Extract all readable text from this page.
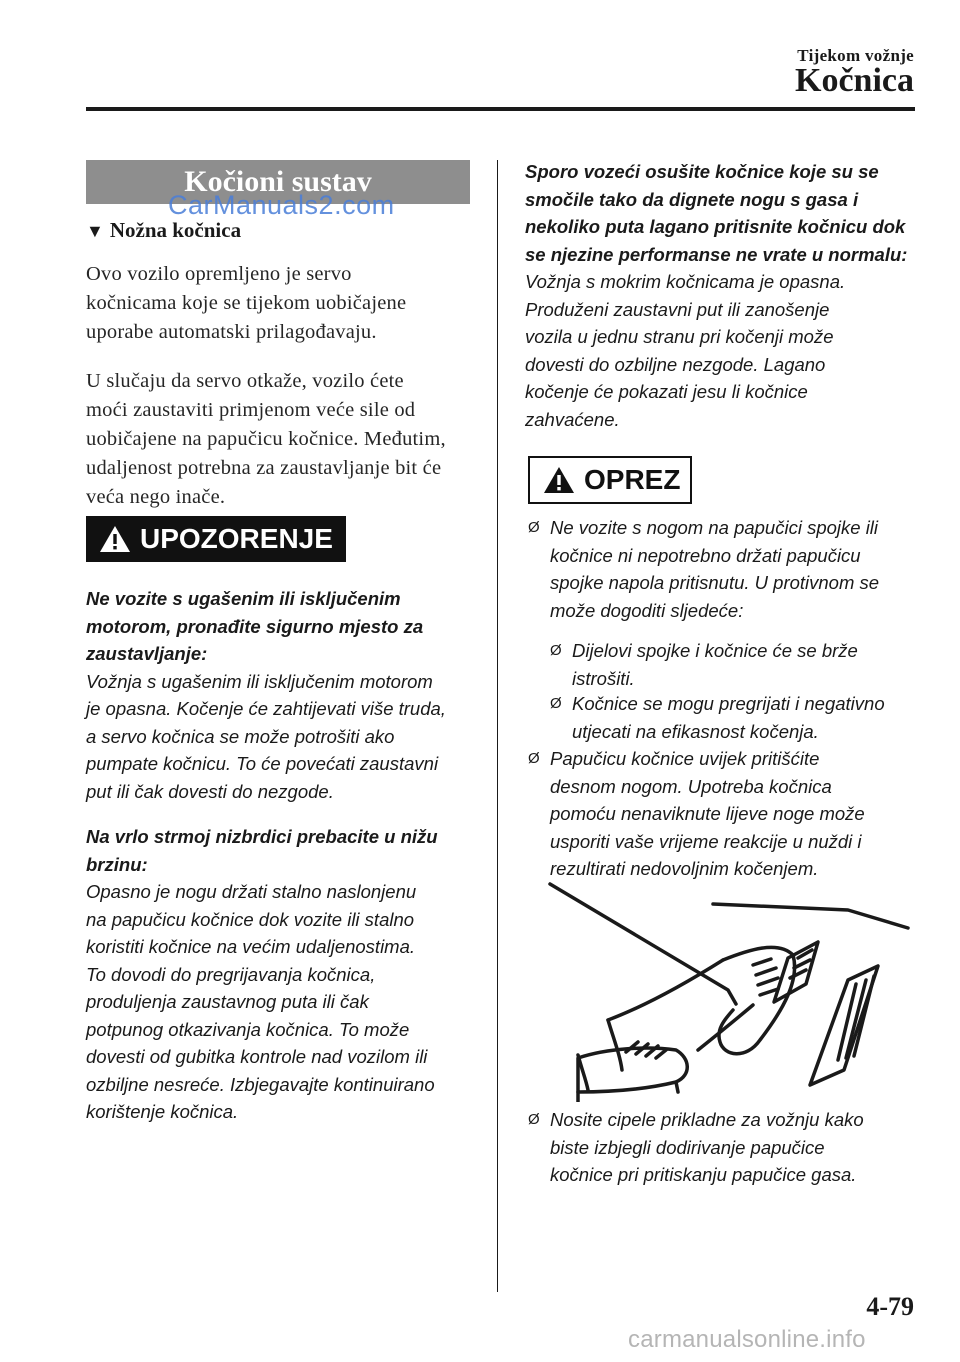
Tijekom vožnje
Kočnica
Kočioni sustav
CarManuals2.com
▼ Nožna kočnica
Ovo vozilo opremljeno je servo
kočnicama koje se tijekom uobičajene
uporabe automatski prilagođavaju.
U slučaju da servo otkaže, vozilo ćete
moći zaustaviti primjenom veće sile od
uobičajene na papučicu kočnice. Međutim,
udaljenost potrebna za zaustavljanje bit će
veća nego inače.
UPOZORENJE
Ne vozite s ugašenim ili isključenim
motorom, pronađite sigurno mjesto za
zaustavljanje:
Vožnja s ugašenim ili isključenim motorom
je opasna. Kočenje će zahtijevati više truda,
a servo kočnica se može potrošiti ako
pumpate kočnicu. To će povećati zaustavni
put ili čak dovesti do nezgode.
Na vrlo strmoj nizbrdici prebacite u nižu
brzinu:
Opasno je nogu držati stalno naslonjenu
na papučicu kočnice dok vozite ili stalno
koristiti kočnice na većim udaljenostima.
To dovodi do pregrijavanja kočnica,
produljenja zaustavnog puta ili čak
potpunog otkazivanja kočnica. To može
dovesti od gubitka kontrole nad vozilom ili
ozbiljne nesreće. Izbjegavajte kontinuirano
korištenje kočnica.
Sporo vozeći osušite kočnice koje su se
smočile tako da dignete nogu s gasa i
nekoliko puta lagano pritisnite kočnicu dok
se njezine performanse ne vrate u normalu:
Vožnja s mokrim kočnicama je opasna.
Produženi zaustavni put ili zanošenje
vozila u jednu stranu pri kočenji može
dovesti do ozbiljne nezgode. Lagano
kočenje će pokazati jesu li kočnice
zahvaćene.
OPREZ
Ø Ne vozite s nogom na papučici spojke ili
kočnice ni nepotrebno držati papučicu
spojke napola pritisnutu. U protivnom se
može dogoditi sljedeće:
Ø Dijelovi spojke i kočnice će se brže
istrošiti.
Ø Kočnice se mogu pregrijati i negativno
utjecati na efikasnost kočenja.
Ø Papučicu kočnice uvijek pritišćite
desnom nogom. Upotreba kočnica
pomoću nenaviknute lijeve noge može
usporiti vaše vrijeme reakcije u nuždi i
rezultirati nedovoljnim kočenjem.
Ø Nosite cipele prikladne za vožnju kako
biste izbjegli dodirivanje papučice
kočnice pri pritiskanju papučice gasa.
4-79
carmanualsonline.info
